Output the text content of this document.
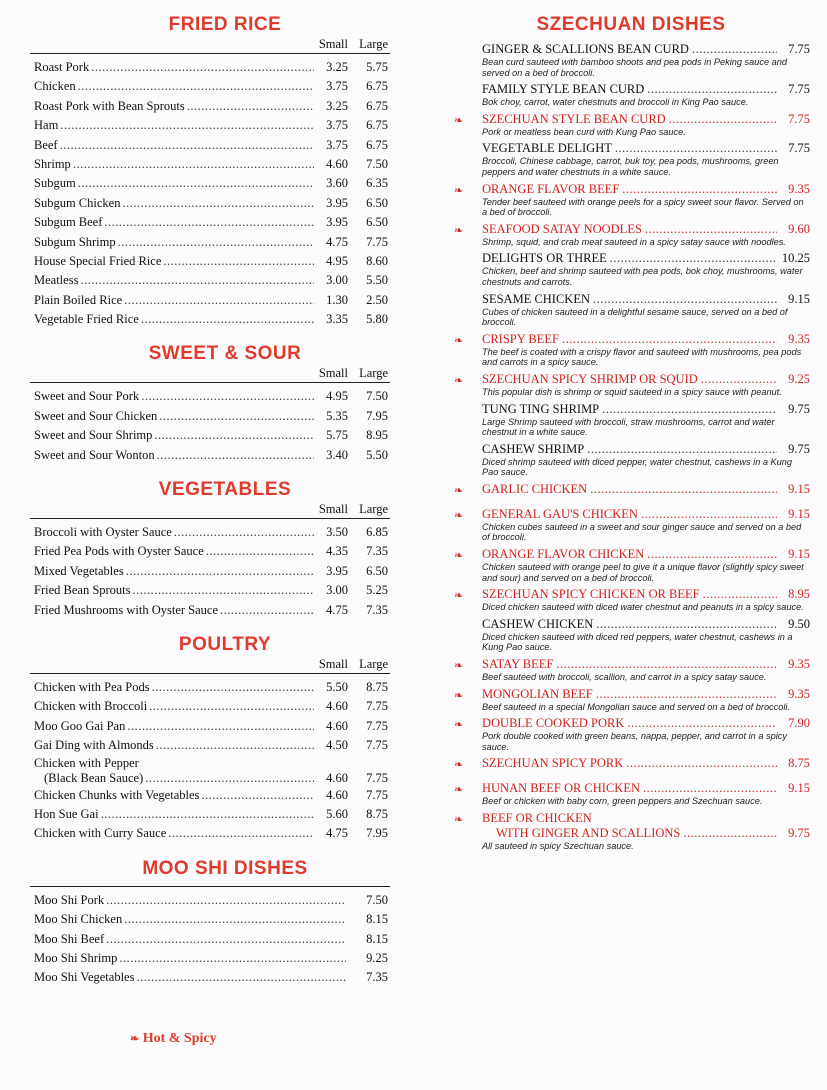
FRIED RICE
Small Large
Roast Pork .....	3.25	5.75
Chicken .....	3.75	6.75
Roast Pork with Bean Sprouts .....	3.25	6.75
Ham .....	3.75	6.75
Beef .....	3.75	6.75
Shrimp .....	4.60	7.50
Subgum .....	3.60	6.35
Subgum Chicken .....	3.95	6.50
Subgum Beef .....	3.95	6.50
Subgum Shrimp .....	4.75	7.75
House Special Fried Rice .....	4.95	8.60
Meatless .....	3.00	5.50
Plain Boiled Rice .....	1.30	2.50
Vegetable Fried Rice .....	3.35	5.80
SWEET & SOUR
Small Large
Sweet and Sour Pork .....	4.95	7.50
Sweet and Sour Chicken .....	5.35	7.95
Sweet and Sour Shrimp .....	5.75	8.95
Sweet and Sour Wonton .....	3.40	5.50
VEGETABLES
Small Large
Broccoli with Oyster Sauce .....	3.50	6.85
Fried Pea Pods with Oyster Sauce .....	4.35	7.35
Mixed Vegetables .....	3.95	6.50
Fried Bean Sprouts .....	3.00	5.25
Fried Mushrooms with Oyster Sauce .....	4.75	7.35
POULTRY
Small Large
Chicken with Pea Pods .....	5.50	8.75
Chicken with Broccoli .....	4.60	7.75
Moo Goo Gai Pan .....	4.60	7.75
Gai Ding with Almonds .....	4.50	7.75
Chicken with Pepper
(Black Bean Sauce) .....	4.60	7.75
Chicken Chunks with Vegetables .....	4.60	7.75
Hon Sue Gai .....	5.60	8.75
Chicken with Curry Sauce .....	4.75	7.95
MOO SHI DISHES
Moo Shi Pork .....	7.50
Moo Shi Chicken .....	8.15
Moo Shi Beef .....	8.15
Moo Shi Shrimp .....	9.25
Moo Shi Vegetables .....	7.35
❧ Hot & Spicy
SZECHUAN DISHES
GINGER & SCALLIONS BEAN CURD .....	7.75
Bean curd sauteed with bamboo shoots and pea pods in Peking sauce and served on a bed of broccoli.
FAMILY STYLE BEAN CURD .....	7.75
Bok choy, carrot, water chestnuts and broccoli in King Pao sauce.
❧ SZECHUAN STYLE BEAN CURD .....	7.75
Pork or meatless bean curd with Kung Pao sauce.
VEGETABLE DELIGHT .....	7.75
Broccoli, Chinese cabbage, carrot, buk toy, pea pods, mushrooms, green peppers and water chestnuts in a white sauce.
❧ ORANGE FLAVOR BEEF .....	9.35
Tender beef sauteed with orange peels for a spicy sweet sour flavor. Served on a bed of broccoli.
❧ SEAFOOD SATAY NOODLES .....	9.60
Shrimp, squid, and crab meat sauteed in a spicy satay sauce with noodles.
DELIGHTS OR THREE .....	10.25
Chicken, beef and shrimp sauteed with pea pods, bok choy, mushrooms, water chestnuts and carrots.
SESAME CHICKEN .....	9.15
Cubes of chicken sauteed in a delightful sesame sauce, served on a bed of broccoli.
❧ CRISPY BEEF .....	9.35
The beef is coated with a crispy flavor and sauteed with mushrooms, pea pods and carrots in a spicy sauce.
❧ SZECHUAN SPICY SHRIMP OR SQUID .....	9.25
This popular dish is shrimp or squid sauteed in a spicy sauce with peanut.
TUNG TING SHRIMP .....	9.75
Large Shrimp sauteed with broccoli, straw mushrooms, carrot and water chestnut in a white sauce.
CASHEW SHRIMP .....	9.75
Diced shrimp sauteed with diced pepper, water chestnut, cashews in a Kung Pao sauce.
❧ GARLIC CHICKEN .....	9.15
❧ GENERAL GAU'S CHICKEN .....	9.15
Chicken cubes sauteed in a sweet and sour ginger sauce and served on a bed of broccoli.
❧ ORANGE FLAVOR CHICKEN .....	9.15
Chicken sauteed with orange peel to give it a unique flavor (slightly spicy sweet and sour) and served on a bed of broccoli.
❧ SZECHUAN SPICY CHICKEN OR BEEF .....	8.95
Diced chicken sauteed with diced water chestnut and peanuts in a spicy sauce.
CASHEW CHICKEN .....	9.50
Diced chicken sauteed with diced red peppers, water chestnut, cashews in a Kung Pao sauce.
❧ SATAY BEEF .....	9.35
Beef sauteed with broccoli, scallion, and carrot in a spicy satay sauce.
❧ MONGOLIAN BEEF .....	9.35
Beef sauteed in a special Mongolian sauce and served on a bed of broccoli.
❧ DOUBLE COOKED PORK .....	7.90
Pork double cooked with green beans, nappa, pepper, and carrot in a spicy sauce.
❧ SZECHUAN SPICY PORK .....	8.75
❧ HUNAN BEEF OR CHICKEN .....	9.15
Beef or chicken with baby corn, green peppers and Szechuan sauce.
❧ BEEF OR CHICKEN
WITH GINGER AND SCALLIONS .....	9.75
All sauteed in spicy Szechuan sauce.
